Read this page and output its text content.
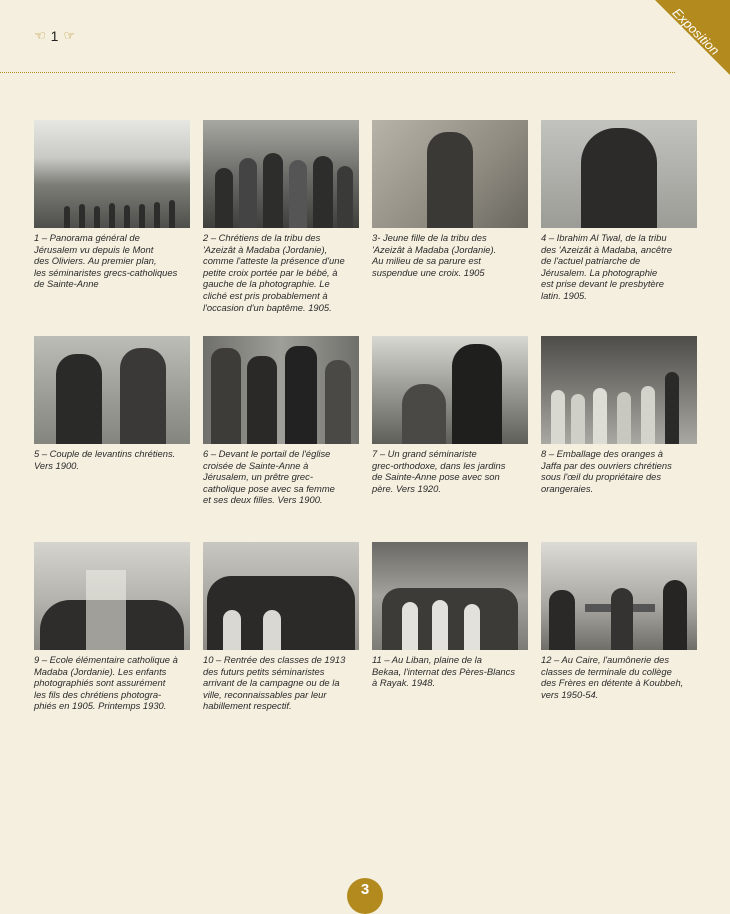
Exposition
☜ 1 ☞
1 – Panorama général de
Jérusalem vu depuis le Mont
des Oliviers. Au premier plan,
les séminaristes grecs-catholiques
de Sainte-Anne
2 – Chrétiens de la tribu des
'Azeizât à Madaba (Jordanie),
comme l'atteste la présence d'une
petite croix portée par le bébé, à
gauche de la photographie. Le
cliché est pris probablement à
l'occasion d'un baptême. 1905.
3- Jeune fille de la tribu des
'Azeizât à Madaba (Jordanie).
Au milieu de sa parure est
suspendue une croix. 1905
4 – Ibrahim Al Twal, de la tribu
des 'Azeizât à Madaba, ancêtre
de l'actuel patriarche de
Jérusalem. La photographie
est prise devant le presbytère
latin. 1905.
5 – Couple de levantins chrétiens.
Vers 1900.
6 – Devant le portail de l'église
croisée de Sainte-Anne à
Jérusalem, un prêtre grec-
catholique pose avec sa femme
et ses deux filles. Vers 1900.
7 – Un grand séminariste
grec-orthodoxe, dans les jardins
de Sainte-Anne pose avec son
père. Vers 1920.
8 – Emballage des oranges à
Jaffa par des ouvriers chrétiens
sous l'œil du propriétaire des
orangeraies.
9 – Ecole élémentaire catholique à
Madaba (Jordanie). Les enfants
photographiés sont assurément
les fils des chrétiens photogra-
phiés en 1905. Printemps 1930.
10 – Rentrée des classes de 1913
des futurs petits séminaristes
arrivant de la campagne ou de la
ville, reconnaissables par leur
habillement respectif.
11 – Au Liban, plaine de la
Bekaa, l'internat des Pères-Blancs
à Rayak. 1948.
12 – Au Caire, l'aumônerie des
classes de terminale du collège
des Frères en détente à Koubbeh,
vers 1950-54.
3
